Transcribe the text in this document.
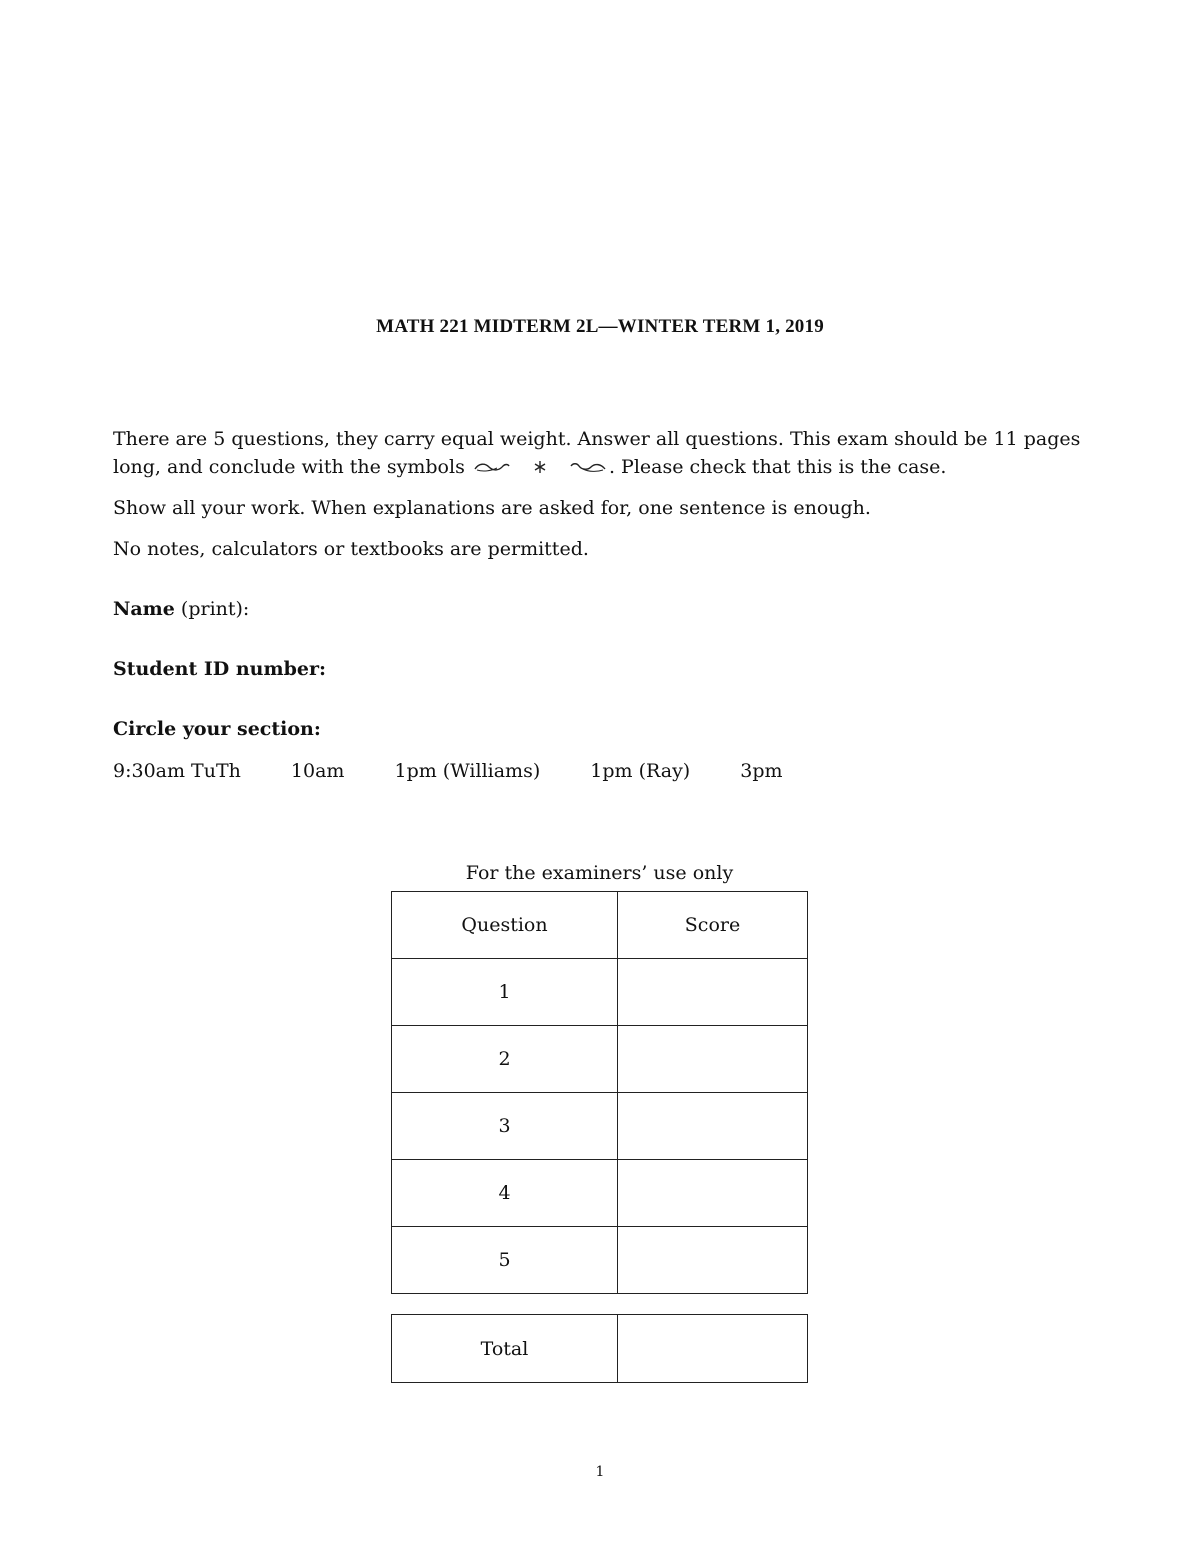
MATH 221 MIDTERM 2L—WINTER TERM 1, 2019
There are 5 questions, they carry equal weight. Answer all questions. This exam should be 11 pages
long, and conclude with the symbols	. Please check that this is the case.
Show all your work. When explanations are asked for, one sentence is enough.
No notes, calculators or textbooks are permitted.
Name (print):
Student ID number:
Circle your section:
9:30am TuTh	10am	1pm (Williams)	1pm (Ray)	3pm
For the examiners’ use only
Question	Score
1	
2	
3	
4	
5	
Total	
1
